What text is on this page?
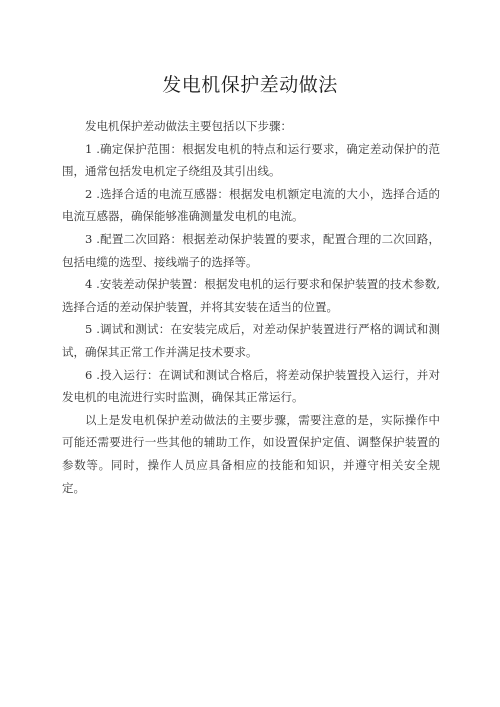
发电机保护差动做法

发电机保护差动做法主要包括以下步骤：

1 .确定保护范围：根据发电机的特点和运行要求，确定差动保护的范围，通常包括发电机定子绕组及其引出线。

2 .选择合适的电流互感器：根据发电机额定电流的大小，选择合适的电流互感器，确保能够准确测量发电机的电流。

3 .配置二次回路：根据差动保护装置的要求，配置合理的二次回路，包括电缆的选型、接线端子的选择等。

4 .安装差动保护装置：根据发电机的运行要求和保护装置的技术参数,选择合适的差动保护装置，并将其安装在适当的位置。

5 .调试和测试：在安装完成后，对差动保护装置进行严格的调试和测试，确保其正常工作并满足技术要求。

6 .投入运行：在调试和测试合格后，将差动保护装置投入运行，并对发电机的电流进行实时监测，确保其正常运行。

以上是发电机保护差动做法的主要步骤，需要注意的是，实际操作中可能还需要进行一些其他的辅助工作，如设置保护定值、调整保护装置的参数等。同时，操作人员应具备相应的技能和知识，并遵守相关安全规定。
